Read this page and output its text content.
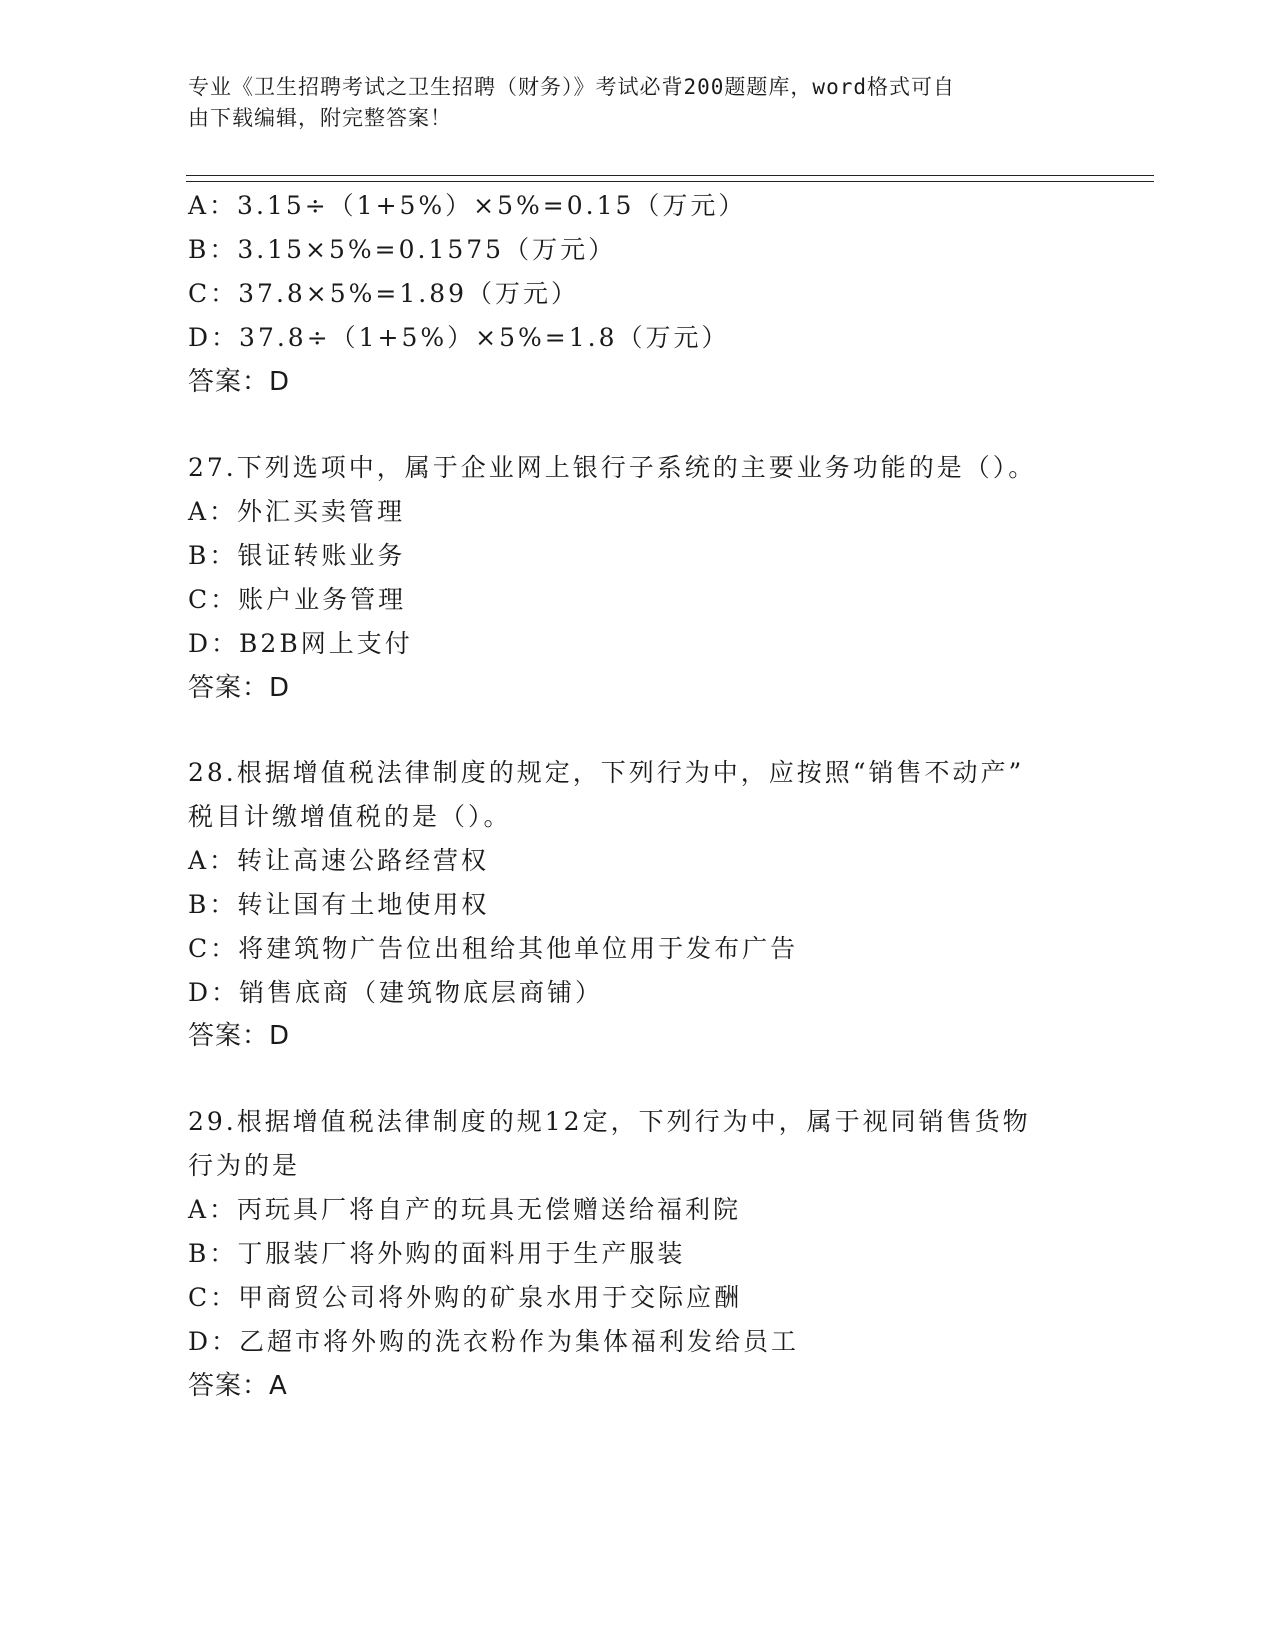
专业《卫生招聘考试之卫生招聘（财务）》考试必背200题题库，word格式可自
由下载编辑，附完整答案！
A：3.15÷（1+5%）×5%=0.15（万元）
B：3.15×5%=0.1575（万元）
C：37.8×5%=1.89（万元）
D：37.8÷（1+5%）×5%=1.8（万元）
答案：D
27.下列选项中，属于企业网上银行子系统的主要业务功能的是（）。
A：外汇买卖管理
B：银证转账业务
C：账户业务管理
D：B2B网上支付
答案：D
28.根据增值税法律制度的规定，下列行为中，应按照“销售不动产”
税目计缴增值税的是（）。
A：转让高速公路经营权
B：转让国有土地使用权
C：将建筑物广告位出租给其他单位用于发布广告
D：销售底商（建筑物底层商铺）
答案：D
29.根据增值税法律制度的规12定，下列行为中，属于视同销售货物
行为的是
A：丙玩具厂将自产的玩具无偿赠送给福利院
B：丁服装厂将外购的面料用于生产服装
C：甲商贸公司将外购的矿泉水用于交际应酬
D：乙超市将外购的洗衣粉作为集体福利发给员工
答案：A
